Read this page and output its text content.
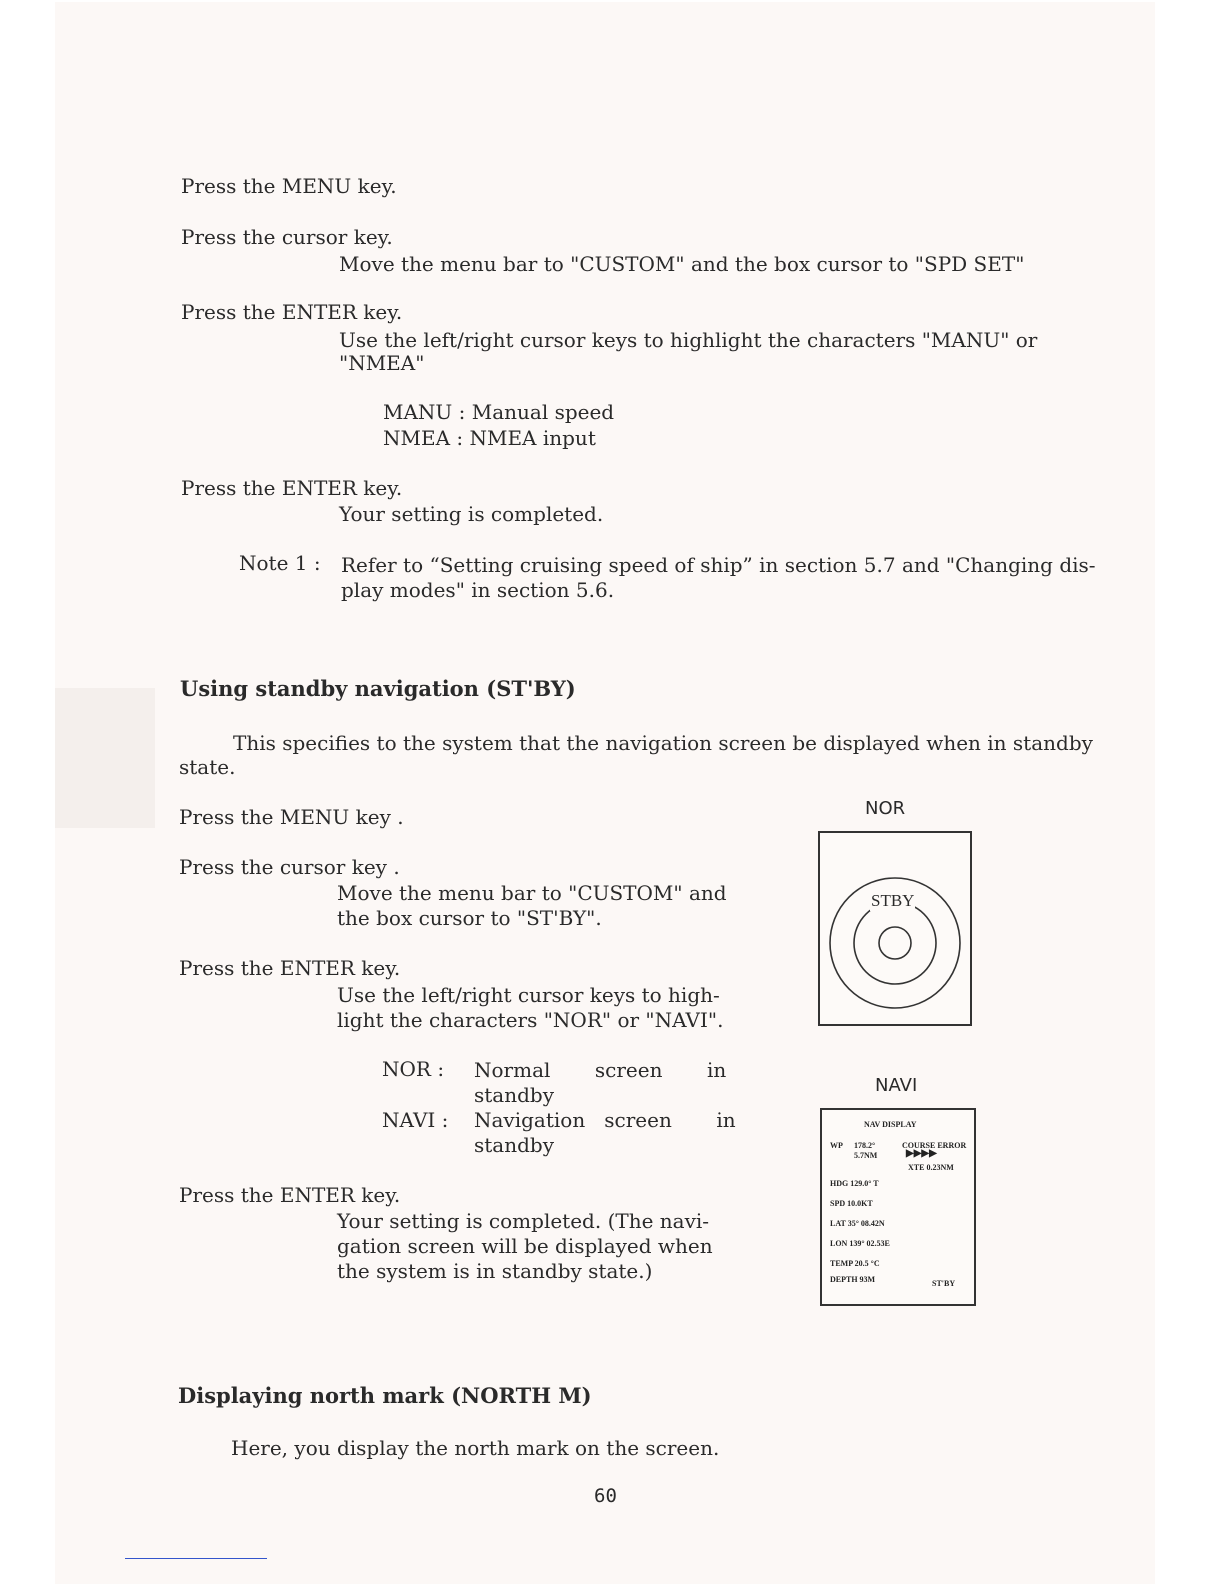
Press the MENU key.
Press the cursor key.
Move the menu bar to "CUSTOM" and the box cursor to "SPD SET"
Press the ENTER key.
Use the left/right cursor keys to highlight the characters "MANU" or
"NMEA"
MANU : Manual speed
NMEA : NMEA input
Press the ENTER key.
Your setting is completed.
Note 1 : Refer to “Setting cruising speed of ship” in section 5.7 and "Changing dis-
play modes" in section 5.6.
Using standby navigation (ST'BY)
This specifies to the system that the navigation screen be displayed when in standby
state.
Press the MENU key .
Press the cursor key .
Move the menu bar to "CUSTOM" and
the box cursor to "ST'BY".
Press the ENTER key.
Use the left/right cursor keys to high-
light the characters "NOR" or "NAVI".
NOR : Normal       screen       in
standby
NAVI : Navigation   screen       in
standby
Press the ENTER key.
Your setting is completed. (The navi-
gation screen will be displayed when
the system is in standby state.)
NOR
STBY
NAVI
NAV DISPLAY
WP 178.2°
5.7NM
COURSE ERROR
▶▶▶▶
XTE 0.23NM
HDG 129.0° T
SPD 10.0KT
LAT 35° 08.42N
LON 139° 02.53E
TEMP 20.5 °C
DEPTH 93M	ST'BY
Displaying north mark (NORTH M)
Here, you display the north mark on the screen.
60
